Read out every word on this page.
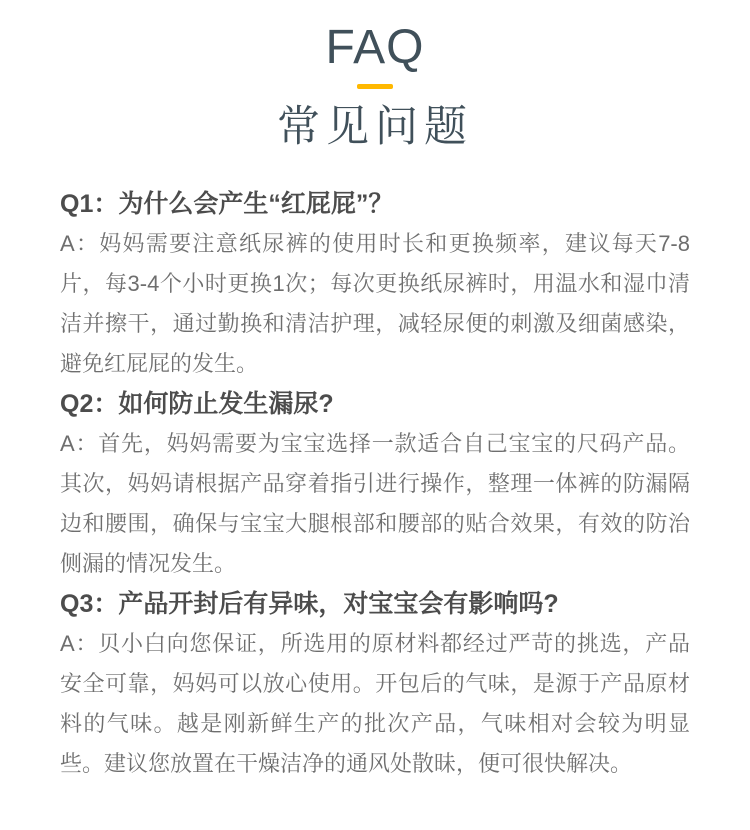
FAQ
常见问题
Q1：为什么会产生“红屁屁”？
A：妈妈需要注意纸尿裤的使用时长和更换频率，建议每天7-8片，每3-4个小时更换1次；每次更换纸尿裤时，用温水和湿巾清洁并擦干，通过勤换和清洁护理，减轻尿便的刺激及细菌感染，避免红屁屁的发生。
Q2：如何防止发生漏尿?
A：首先，妈妈需要为宝宝选择一款适合自己宝宝的尺码产品。其次，妈妈请根据产品穿着指引进行操作，整理一体裤的防漏隔边和腰围，确保与宝宝大腿根部和腰部的贴合效果，有效的防治侧漏的情况发生。
Q3：产品开封后有异味，对宝宝会有影响吗?
A：贝小白向您保证，所选用的原材料都经过严苛的挑选，产品安全可靠，妈妈可以放心使用。开包后的气味，是源于产品原材料的气味。越是刚新鲜生产的批次产品，气味相对会较为明显些。建议您放置在干燥洁净的通风处散昧，便可很快解决。
